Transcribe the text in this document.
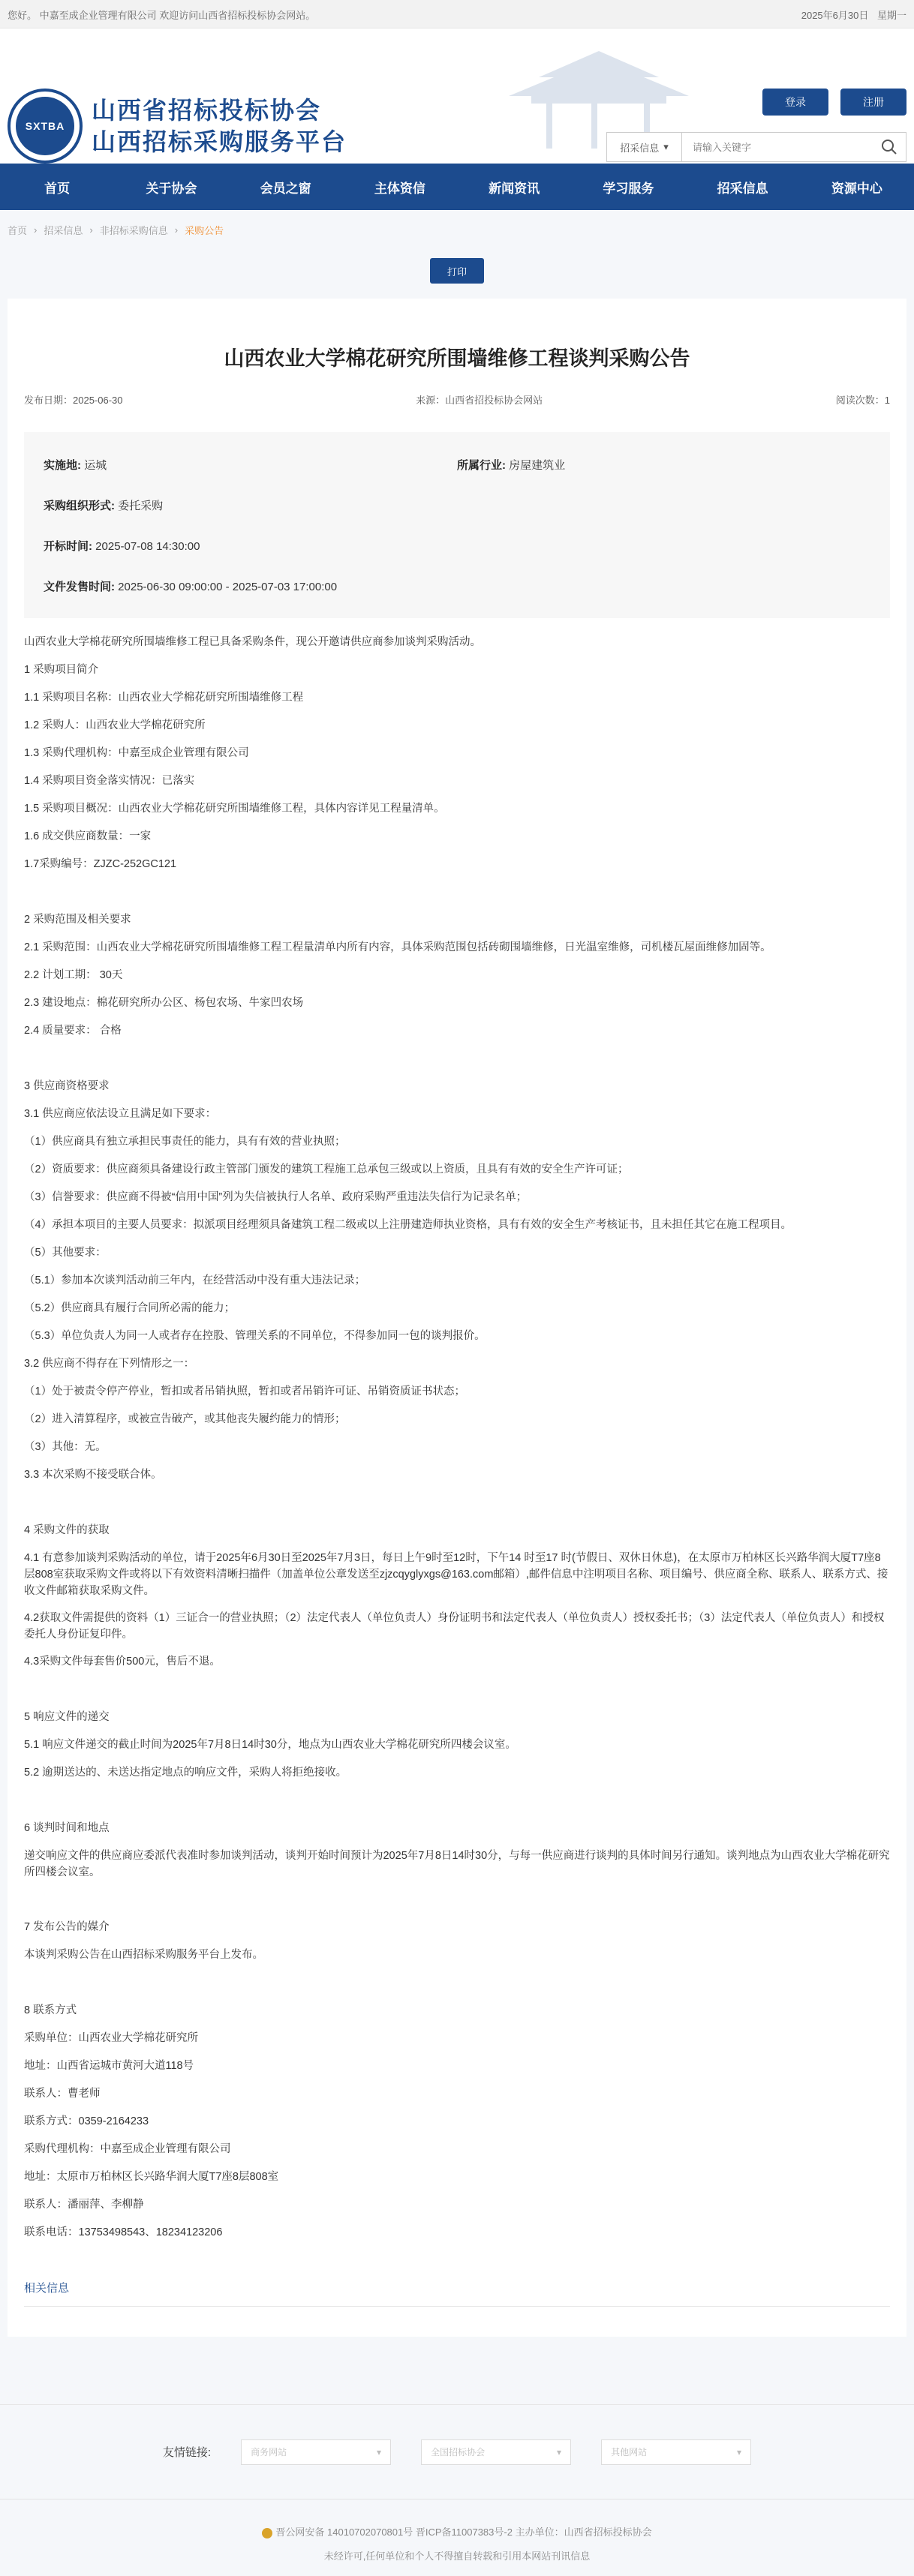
您好。 中嘉至成企业管理有限公司 欢迎访问山西省招标投标协会网站。	2025年6月30日 星期一
SXTBA
山西省招标投标协会
山西招标采购服务平台
登录	注册
招采信息 ▾
请输入关键字
首页	关于协会	会员之窗	主体资信	新闻资讯	学习服务	招采信息	资源中心
首页 › 招采信息 › 非招标采购信息 › 采购公告
打印
山西农业大学棉花研究所围墙维修工程谈判采购公告
发布日期：2025-06-30	来源：山西省招投标协会网站	阅读次数：1
实施地: 运城	所属行业: 房屋建筑业
采购组织形式: 委托采购
开标时间: 2025-07-08 14:30:00
文件发售时间: 2025-06-30 09:00:00 - 2025-07-03 17:00:00

山西农业大学棉花研究所围墙维修工程已具备采购条件，现公开邀请供应商参加谈判采购活动。

1 采购项目简介

1.1 采购项目名称：山西农业大学棉花研究所围墙维修工程

1.2 采购人：山西农业大学棉花研究所

1.3 采购代理机构：中嘉至成企业管理有限公司

1.4 采购项目资金落实情况：已落实

1.5 采购项目概况：山西农业大学棉花研究所围墙维修工程，具体内容详见工程量清单。

1.6 成交供应商数量：一家

1.7采购编号：ZJZC-252GC121

2 采购范围及相关要求

2.1 采购范围：山西农业大学棉花研究所围墙维修工程工程量清单内所有内容，具体采购范围包括砖砌围墙维修，日光温室维修，司机楼瓦屋面维修加固等。

2.2 计划工期： 30天

2.3 建设地点：棉花研究所办公区、杨包农场、牛家凹农场

2.4 质量要求： 合格

3 供应商资格要求

3.1 供应商应依法设立且满足如下要求：

（1）供应商具有独立承担民事责任的能力，具有有效的营业执照；

（2）资质要求：供应商须具备建设行政主管部门颁发的建筑工程施工总承包三级或以上资质，且具有有效的安全生产许可证；

（3）信誉要求：供应商不得被“信用中国”列为失信被执行人名单、政府采购严重违法失信行为记录名单；

（4）承担本项目的主要人员要求：拟派项目经理须具备建筑工程二级或以上注册建造师执业资格，具有有效的安全生产考核证书，且未担任其它在施工程项目。

（5）其他要求：

（5.1）参加本次谈判活动前三年内，在经营活动中没有重大违法记录；

（5.2）供应商具有履行合同所必需的能力；

（5.3）单位负责人为同一人或者存在控股、管理关系的不同单位，不得参加同一包的谈判报价。

3.2 供应商不得存在下列情形之一：

（1）处于被责令停产停业，暂扣或者吊销执照，暂扣或者吊销许可证、吊销资质证书状态；

（2）进入清算程序，或被宣告破产，或其他丧失履约能力的情形；

（3）其他：无。

3.3 本次采购不接受联合体。

4 采购文件的获取

4.1 有意参加谈判采购活动的单位，请于2025年6月30日至2025年7月3日，每日上午9时至12时，下午14 时至17 时(节假日、双休日休息)，在太原市万柏林区长兴路华润大厦T7座8层808室获取采购文件或将以下有效资料清晰扫描件（加盖单位公章发送至zjzcqyglyxgs@163.com邮箱）,邮件信息中注明项目名称、项目编号、供应商全称、联系人、联系方式、接收文件邮箱获取采购文件。

4.2获取文件需提供的资料（1）三证合一的营业执照；（2）法定代表人（单位负责人）身份证明书和法定代表人（单位负责人）授权委托书；（3）法定代表人（单位负责人）和授权委托人身份证复印件。

4.3采购文件每套售价500元，售后不退。

5 响应文件的递交

5.1 响应文件递交的截止时间为2025年7月8日14时30分，地点为山西农业大学棉花研究所四楼会议室。

5.2 逾期送达的、未送达指定地点的响应文件，采购人将拒绝接收。

6 谈判时间和地点

递交响应文件的供应商应委派代表准时参加谈判活动，谈判开始时间预计为2025年7月8日14时30分，与每一供应商进行谈判的具体时间另行通知。谈判地点为山西农业大学棉花研究所四楼会议室。

7 发布公告的媒介

本谈判采购公告在山西招标采购服务平台上发布。

8 联系方式

采购单位：山西农业大学棉花研究所

地址：山西省运城市黄河大道118号

联系人：曹老师

联系方式：0359-2164233

采购代理机构：中嘉至成企业管理有限公司

地址：太原市万柏林区长兴路华润大厦T7座8层808室

联系人：潘丽萍、李柳静

联系电话：13753498543、18234123206

相关信息
友情链接:	商务网站	▾	全国招标协会	▾	其他网站	▾
晋公网安备 14010702070801号 晋ICP备11007383号-2 主办单位：山西省招标投标协会
未经许可,任何单位和个人不得擅自转载和引用本网站刊讯信息
